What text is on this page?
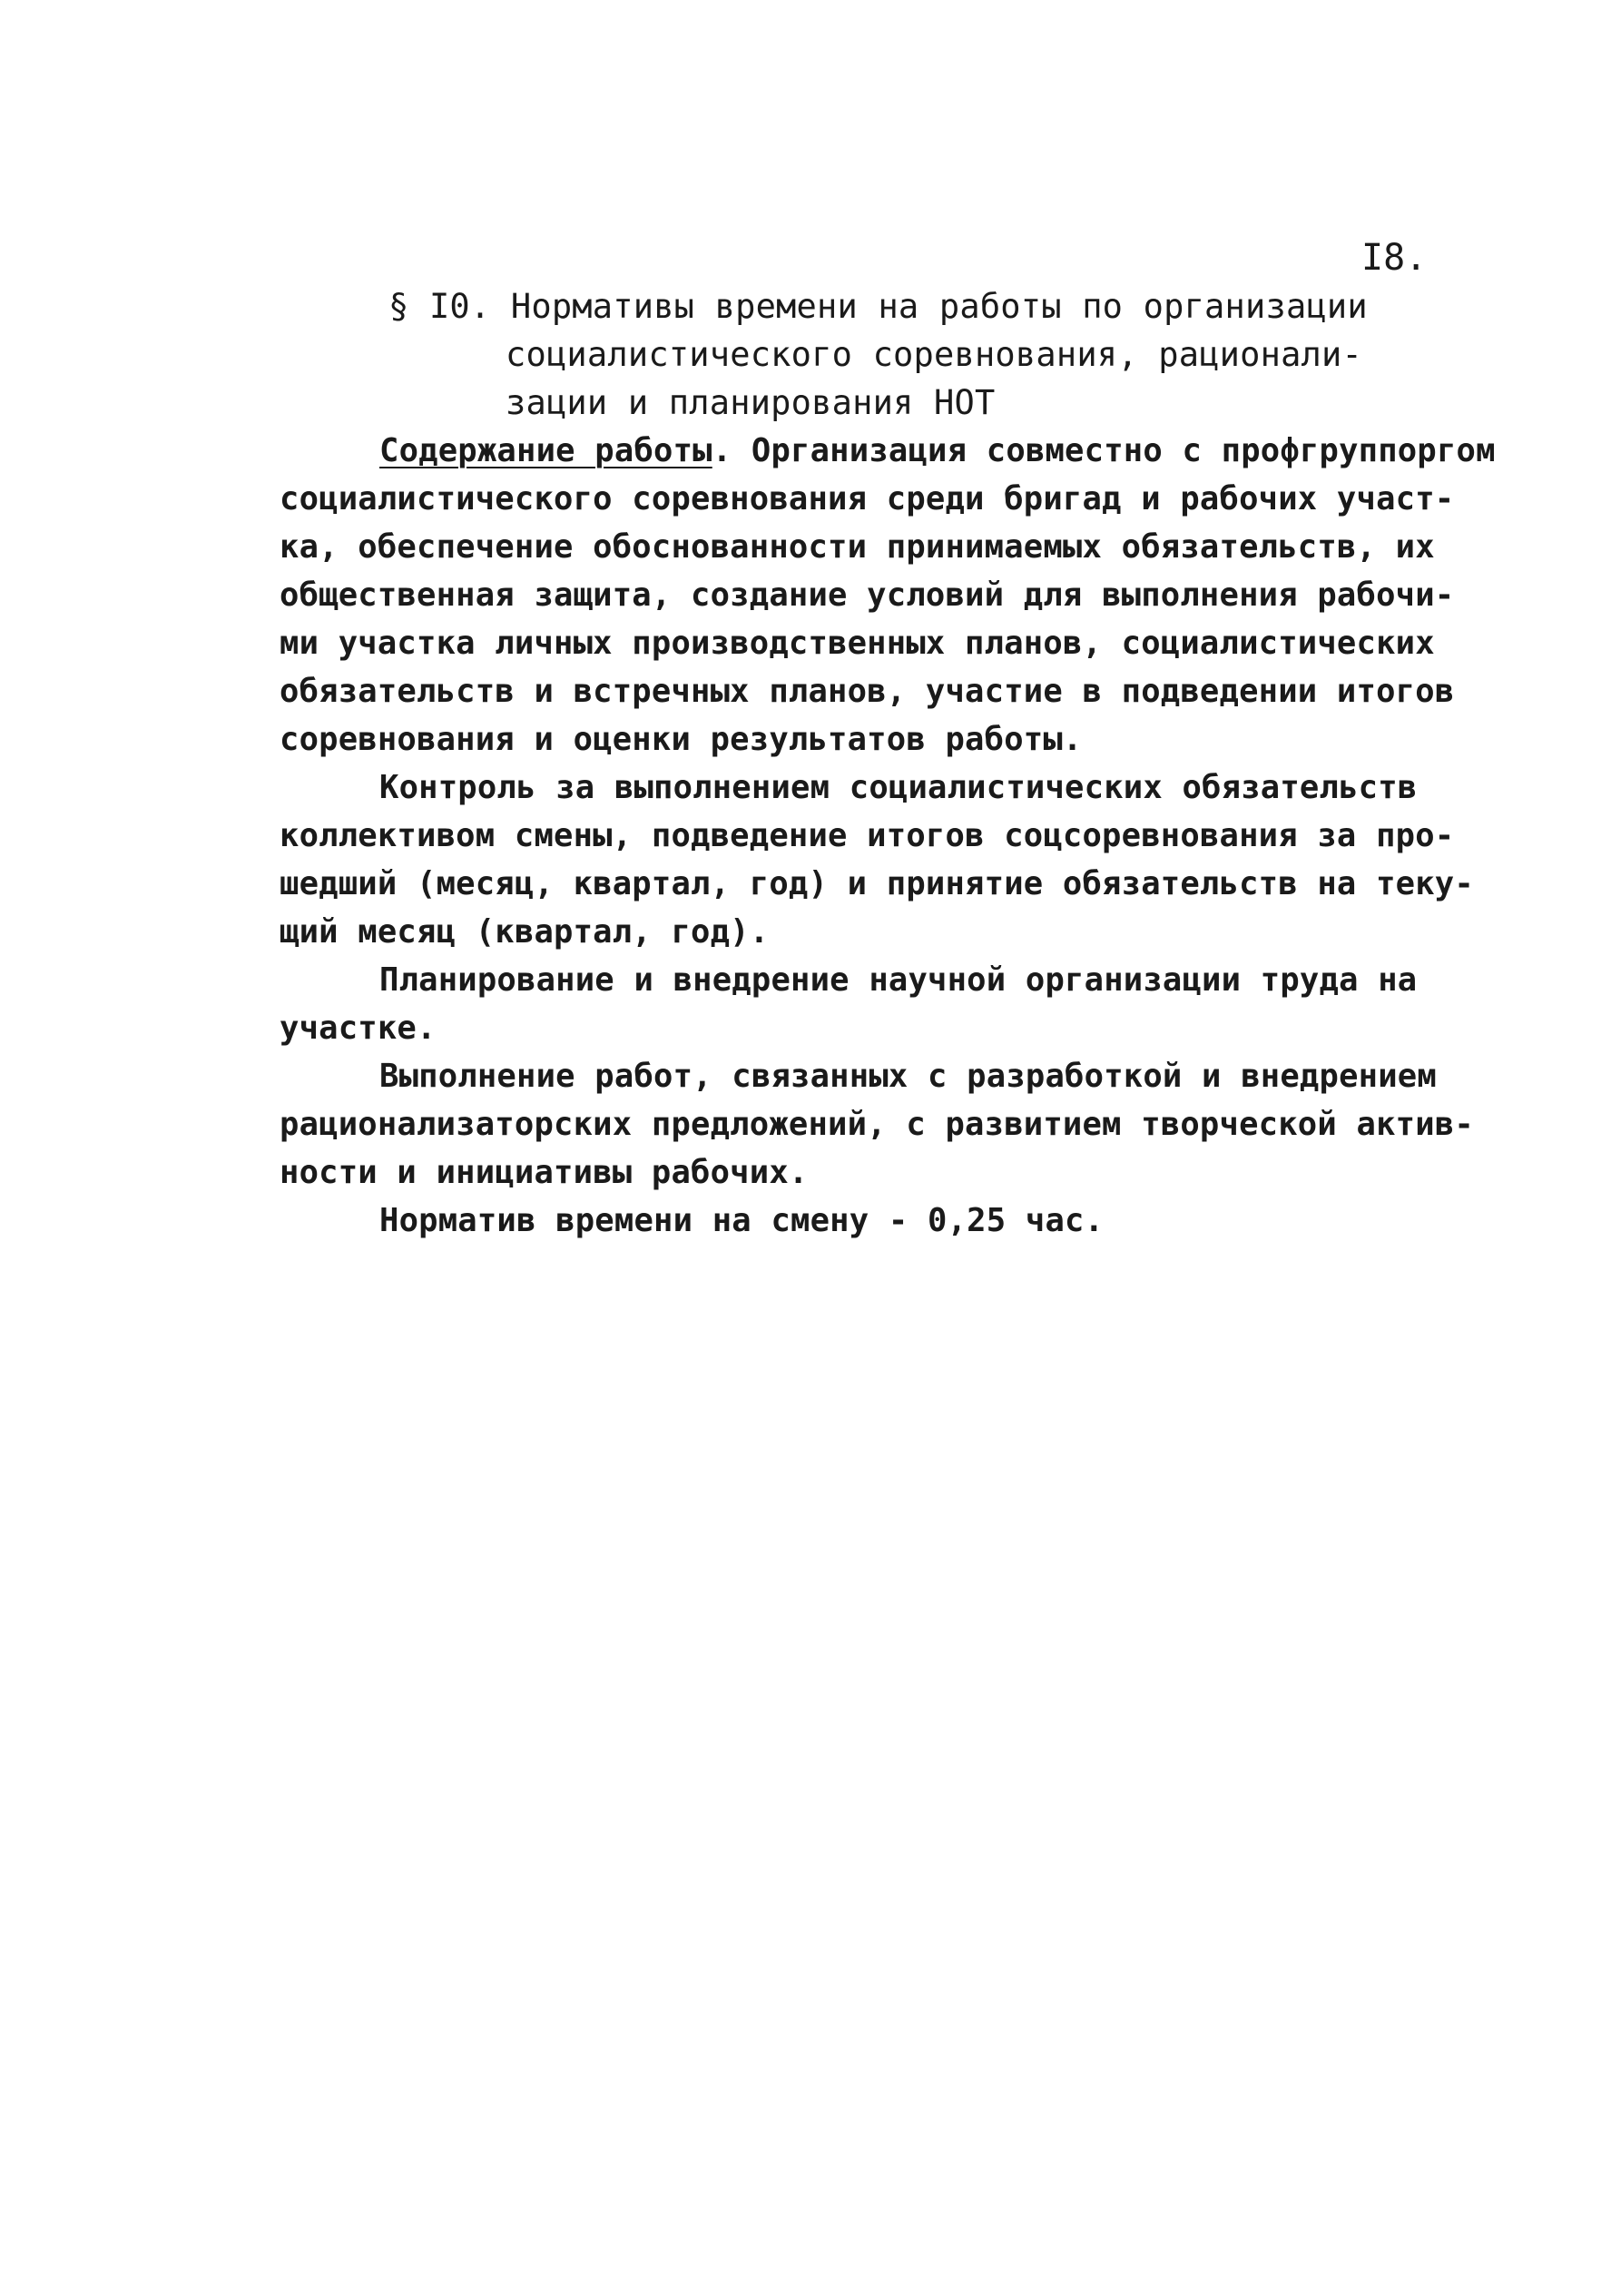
I8.
§ I0. Нормативы времени на работы по организации
социалистического соревнования, рационали-
зации и планирования НОТ
Содержание работы. Организация совместно с профгруппоргом
социалистического соревнования среди бригад и рабочих участ-
ка, обеспечение обоснованности принимаемых обязательств, их
общественная защита, создание условий для выполнения рабочи-
ми участка личных производственных планов, социалистических
обязательств и встречных планов, участие в подведении итогов
соревнования и оценки результатов работы.
Контроль за выполнением социалистических обязательств
коллективом смены, подведение итогов соцсоревнования за про-
шедший (месяц, квартал, год) и принятие обязательств на теку-
щий месяц (квартал, год).
Планирование и внедрение научной организации труда на
участке.
Выполнение работ, связанных с разработкой и внедрением
рационализаторских предложений, с развитием творческой актив-
ности и инициативы рабочих.
Норматив времени на смену - 0,25 час.
